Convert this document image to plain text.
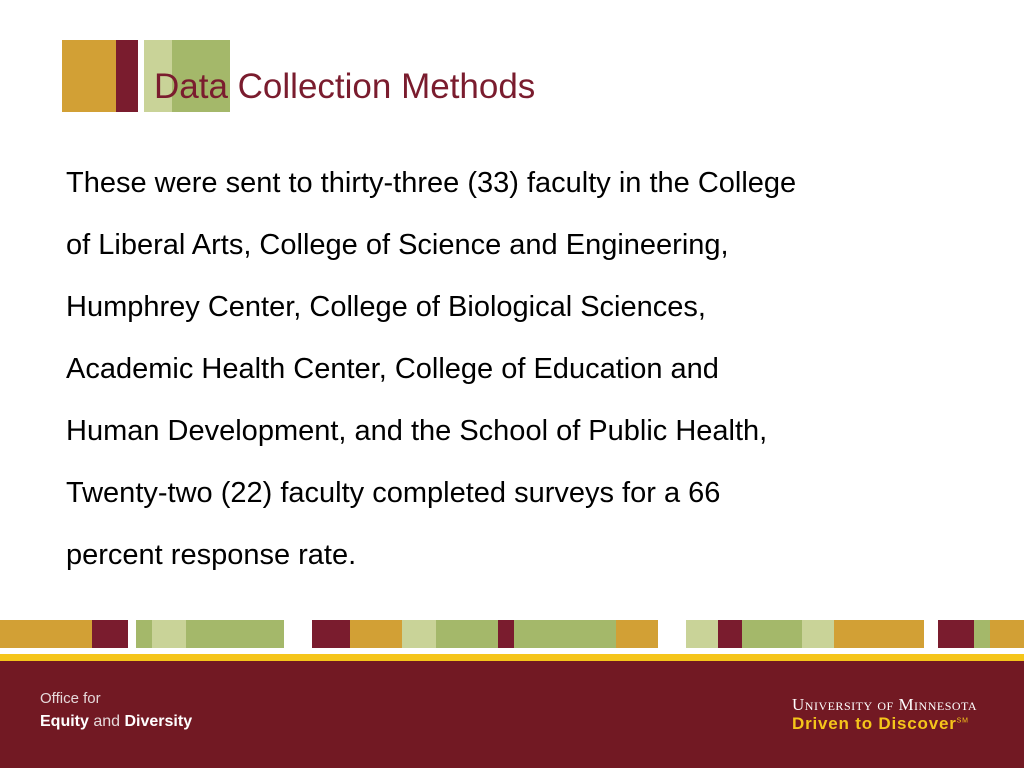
Data Collection Methods
These were sent to thirty-three (33) faculty in the College
of Liberal Arts, College of Science and Engineering,
Humphrey Center, College of Biological Sciences,
Academic Health Center, College of Education and
Human Development, and the School of Public Health,
Twenty-two (22) faculty completed surveys for a 66
percent response rate.
Office for
Equity and Diversity
University of Minnesota
Driven to Discover℠
